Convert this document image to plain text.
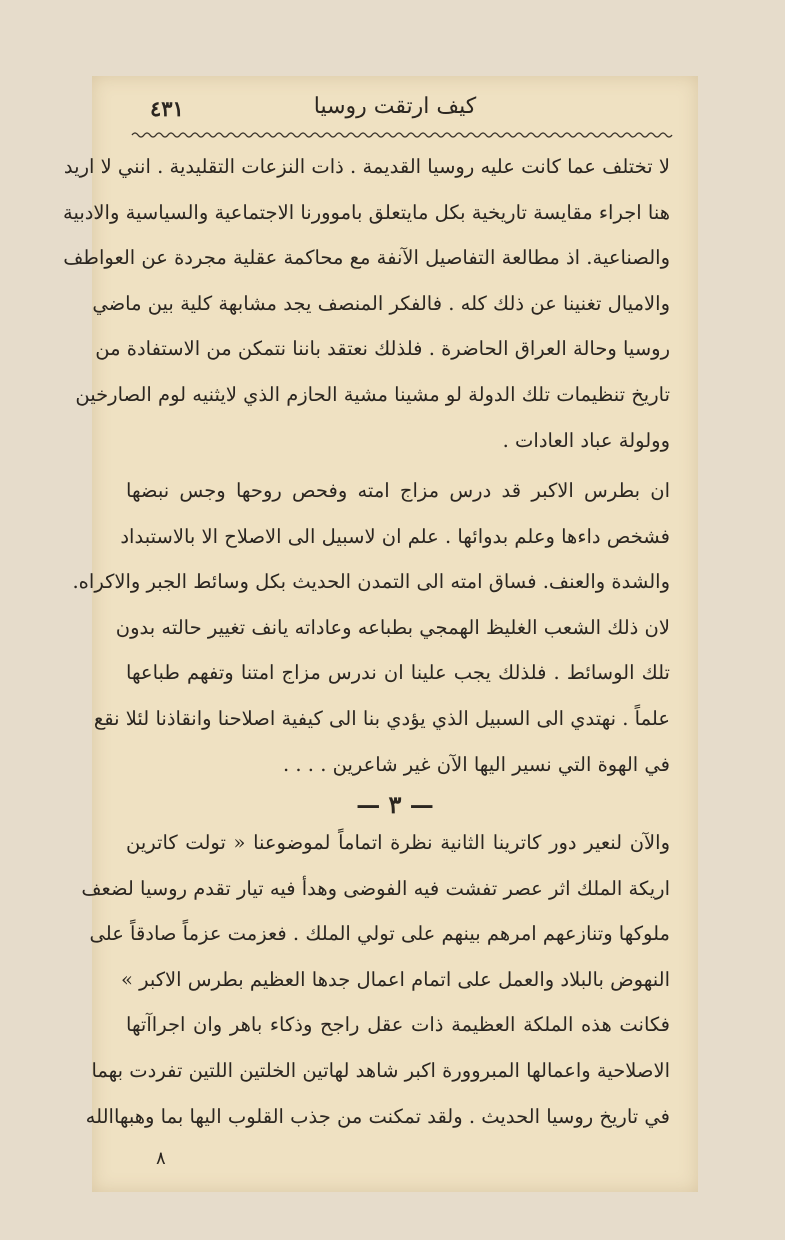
كيف ارتقت روسيا
٤٣١

لا تختلف عما كانت عليه روسيا القديمة . ذات النزعات التقليدية . انني لا اريد
هنا اجراء مقايسة تاريخية بكل مايتعلق باموورنا الاجتماعية والسياسية والادبية
والصناعية. اذ مطالعة التفاصيل الآنفة مع محاكمة عقلية مجردة عن العواطف
والاميال تغنينا عن ذلك كله . فالفكر المنصف يجد مشابهة كلية بين ماضي
روسيا وحالة العراق الحاضرة . فلذلك نعتقد باننا نتمكن من الاستفادة من
تاريخ تنظيمات تلك الدولة لو مشينا مشية الحازم الذي لايثنيه لوم الصارخين
وولولة عباد العادات .

ان بطرس الاكبر قد درس مزاج امته وفحص روحها وجس نبضها
فشخص داءها وعلم بدوائها . علم ان لاسبيل الى الاصلاح الا بالاستبداد
والشدة والعنف. فساق امته الى التمدن الحديث بكل وسائط الجبر والاكراه.
لان ذلك الشعب الغليظ الهمجي بطباعه وعاداته يانف تغيير حالته بدون
تلك الوسائط . فلذلك يجب علينا ان ندرس مزاج امتنا وتفهم طباعها
علماً . نهتدي الى السبيل الذي يؤدي بنا الى كيفية اصلاحنا وانقاذنا لئلا نقع
في الهوة التي نسير اليها الآن غير شاعرين . . . .

— ٣ —

والآن لنعير دور كاترينا الثانية نظرة اتماماً لموضوعنا « تولت كاترين
اريكة الملك اثر عصر تفشت فيه الفوضى وهدأ فيه تيار تقدم روسيا لضعف
ملوكها وتنازعهم امرهم بينهم على تولي الملك . فعزمت عزماً صادقاً على
النهوض بالبلاد والعمل على اتمام اعمال جدها العظيم بطرس الاكبر »
فكانت هذه الملكة العظيمة ذات عقل راجح وذكاء باهر وان اجراآتها
الاصلاحية واعمالها المبروورة اكبر شاهد لهاتين الخلتين اللتين تفردت بهما
في تاريخ روسيا الحديث . ولقد تمكنت من جذب القلوب اليها بما وهبهاالله

٨
